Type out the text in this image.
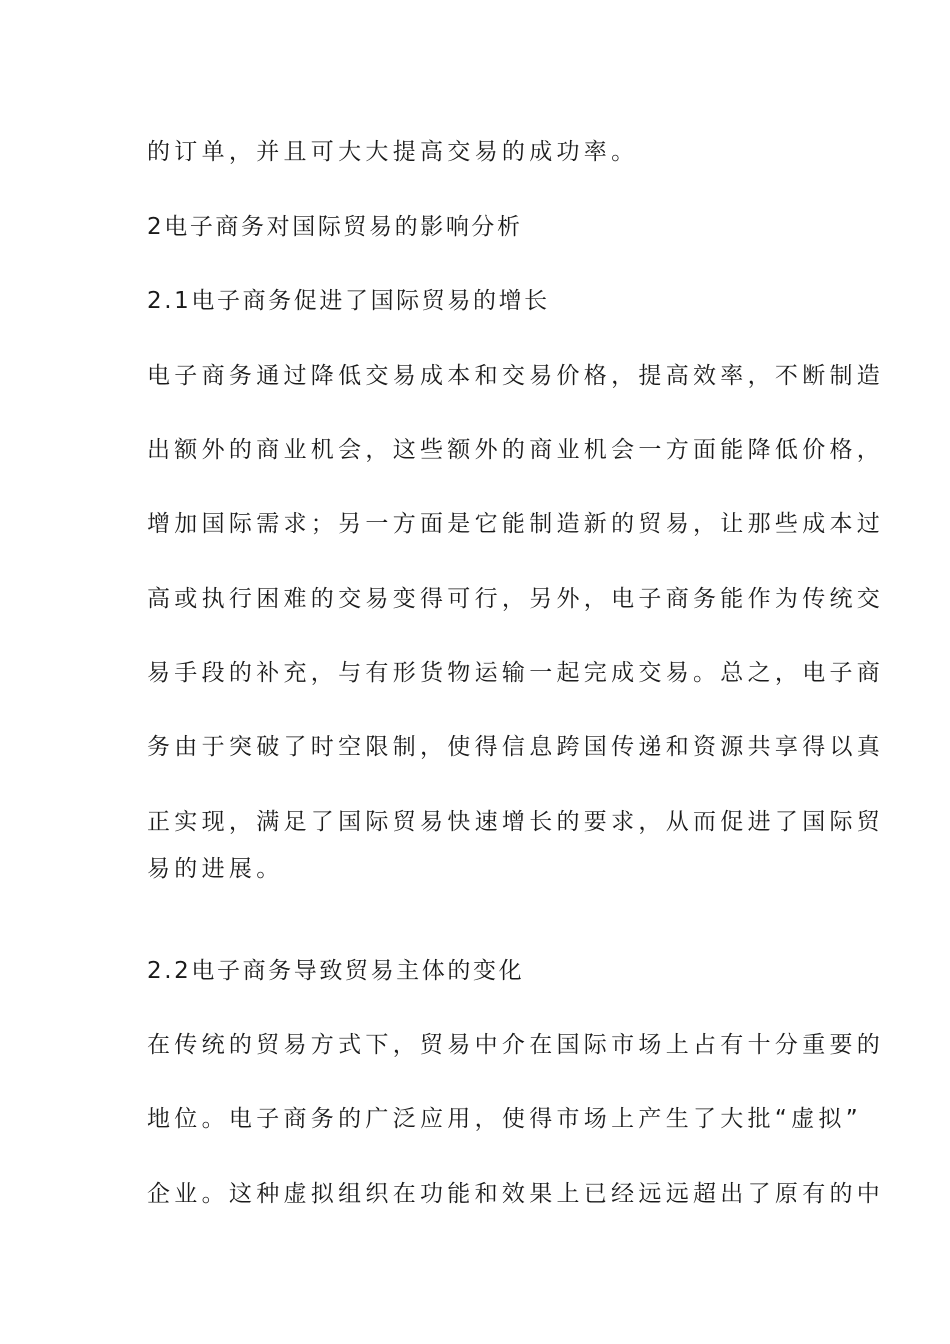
的订单，并且可大大提高交易的成功率。
2电子商务对国际贸易的影响分析
2.1电子商务促进了国际贸易的增长
电子商务通过降低交易成本和交易价格，提高效率，不断制造
出额外的商业机会，这些额外的商业机会一方面能降低价格，
增加国际需求；另一方面是它能制造新的贸易，让那些成本过
高或执行困难的交易变得可行，另外，电子商务能作为传统交
易手段的补充，与有形货物运输一起完成交易。总之，电子商
务由于突破了时空限制，使得信息跨国传递和资源共享得以真
正实现，满足了国际贸易快速增长的要求，从而促进了国际贸
易的进展。
2.2电子商务导致贸易主体的变化
在传统的贸易方式下，贸易中介在国际市场上占有十分重要的
地位。电子商务的广泛应用，使得市场上产生了大批“虚拟”
企业。这种虚拟组织在功能和效果上已经远远超出了原有的中
